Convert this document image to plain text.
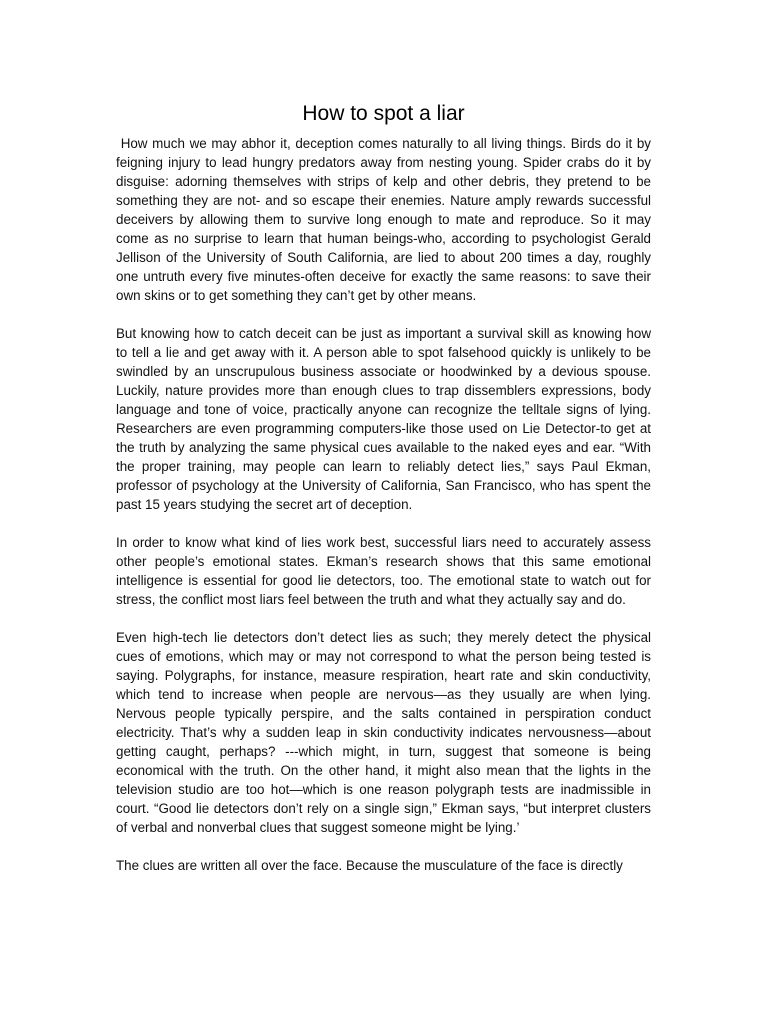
How to spot a liar

How much we may abhor it, deception comes naturally to all living things. Birds do it by feigning injury to lead hungry predators away from nesting young. Spider crabs do it by disguise: adorning themselves with strips of kelp and other debris, they pretend to be something they are not- and so escape their enemies. Nature amply rewards successful deceivers by allowing them to survive long enough to mate and reproduce. So it may come as no surprise to learn that human beings-who, according to psychologist Gerald Jellison of the University of South California, are lied to about 200 times a day, roughly one untruth every five minutes-often deceive for exactly the same reasons: to save their own skins or to get something they can’t get by other means.

But knowing how to catch deceit can be just as important a survival skill as knowing how to tell a lie and get away with it. A person able to spot falsehood quickly is unlikely to be swindled by an unscrupulous business associate or hoodwinked by a devious spouse. Luckily, nature provides more than enough clues to trap dissemblers expressions, body language and tone of voice, practically anyone can recognize the telltale signs of lying. Researchers are even programming computers-like those used on Lie Detector-to get at the truth by analyzing the same physical cues available to the naked eyes and ear. “With the proper training, may people can learn to reliably detect lies,” says Paul Ekman, professor of psychology at the University of California, San Francisco, who has spent the past 15 years studying the secret art of deception.

In order to know what kind of lies work best, successful liars need to accurately assess other people’s emotional states. Ekman’s research shows that this same emotional intelligence is essential for good lie detectors, too. The emotional state to watch out for stress, the conflict most liars feel between the truth and what they actually say and do.

Even high-tech lie detectors don’t detect lies as such; they merely detect the physical cues of emotions, which may or may not correspond to what the person being tested is saying. Polygraphs, for instance, measure respiration, heart rate and skin conductivity, which tend to increase when people are nervous—as they usually are when lying. Nervous people typically perspire, and the salts contained in perspiration conduct electricity. That’s why a sudden leap in skin conductivity indicates nervousness—about getting caught, perhaps? ---which might, in turn, suggest that someone is being economical with the truth. On the other hand, it might also mean that the lights in the television studio are too hot—which is one reason polygraph tests are inadmissible in court. “Good lie detectors don’t rely on a single sign,” Ekman says, “but interpret clusters of verbal and nonverbal clues that suggest someone might be lying.’

The clues are written all over the face. Because the musculature of the face is directly
